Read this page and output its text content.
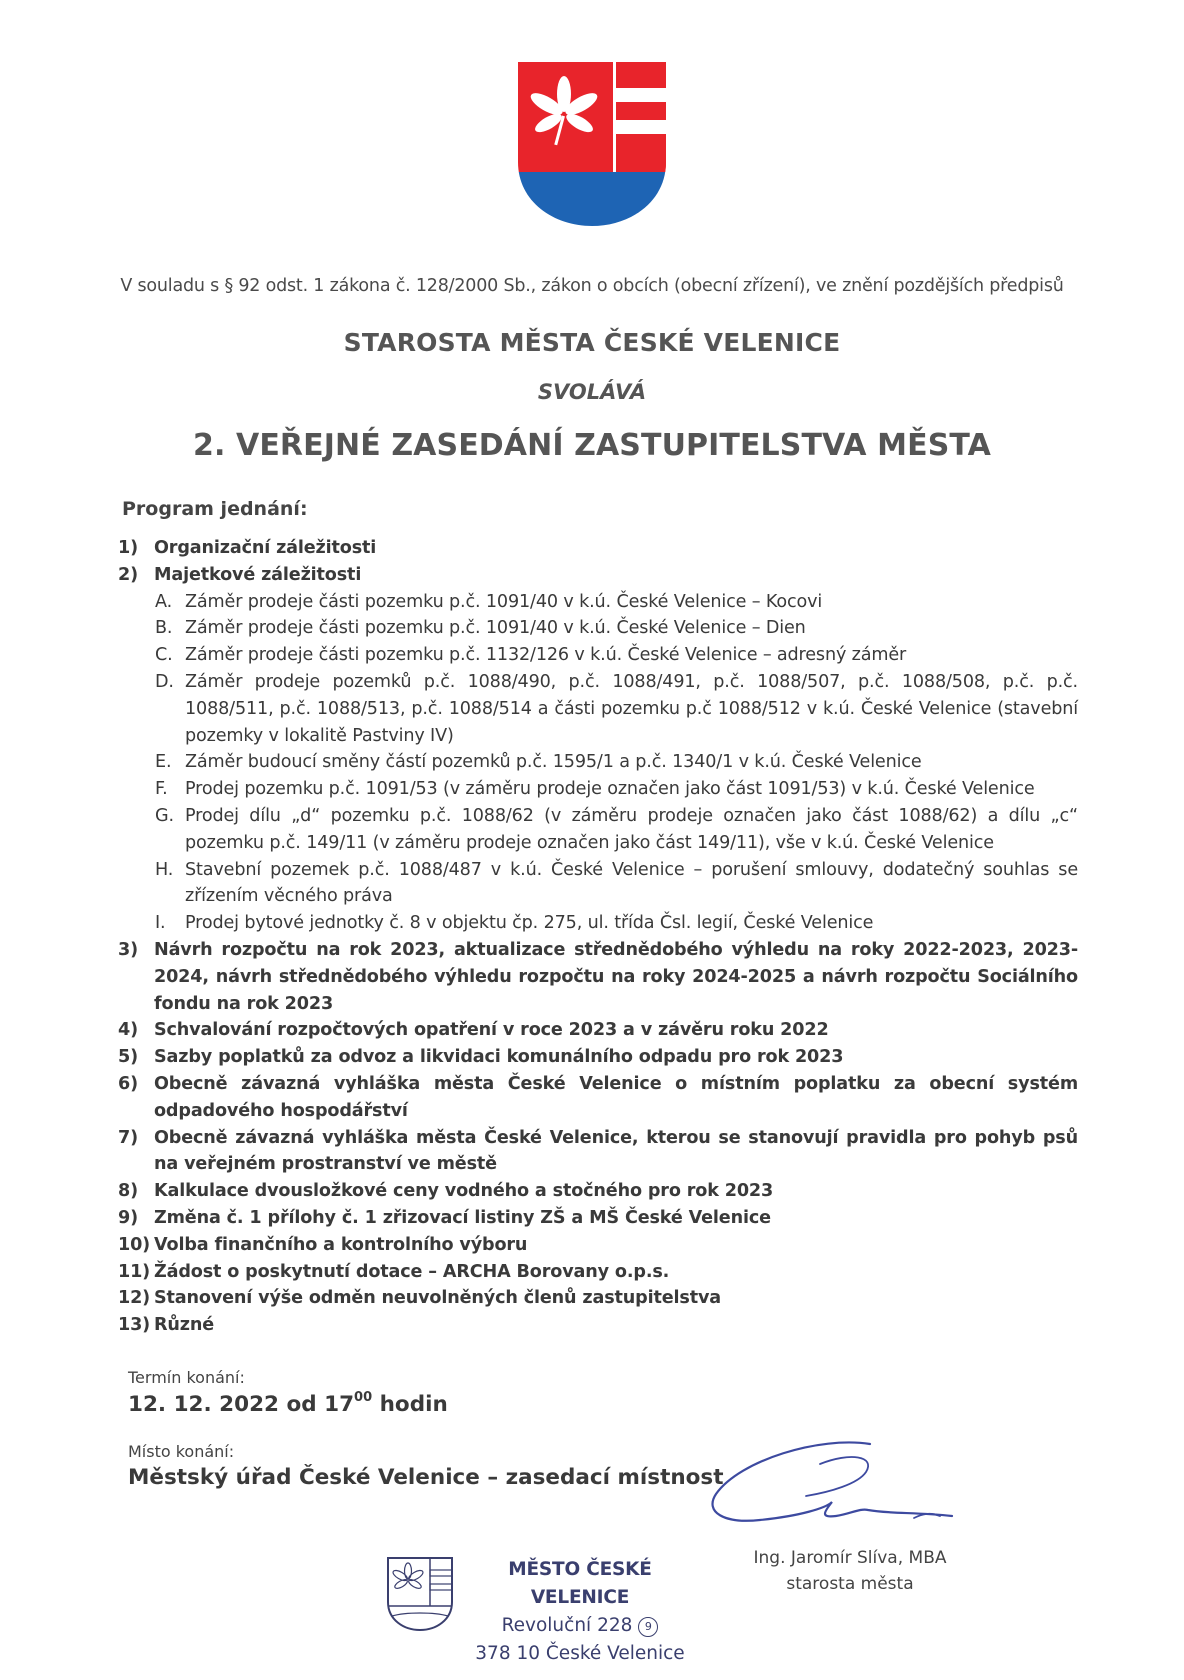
V souladu s § 92 odst. 1 zákona č. 128/2000 Sb., zákon o obcích (obecní zřízení), ve znění pozdějších předpisů
STAROSTA MĚSTA ČESKÉ VELENICE
SVOLÁVÁ
2. VEŘEJNÉ ZASEDÁNÍ ZASTUPITELSTVA MĚSTA
Program jednání:
1) Organizační záležitosti
2) Majetkové záležitosti
A. Záměr prodeje části pozemku p.č. 1091/40 v k.ú. České Velenice – Kocovi
B. Záměr prodeje části pozemku p.č. 1091/40 v k.ú. České Velenice – Dien
C. Záměr prodeje části pozemku p.č. 1132/126 v k.ú. České Velenice – adresný záměr
D. Záměr prodeje pozemků p.č. 1088/490, p.č. 1088/491, p.č. 1088/507, p.č. 1088/508, p.č. p.č. 1088/511, p.č. 1088/513, p.č. 1088/514 a části pozemku p.č 1088/512 v k.ú. České Velenice (stavební pozemky v lokalitě Pastviny IV)
E. Záměr budoucí směny částí pozemků p.č. 1595/1 a p.č. 1340/1 v k.ú. České Velenice
F. Prodej pozemku p.č. 1091/53 (v záměru prodeje označen jako část 1091/53) v k.ú. České Velenice
G. Prodej dílu „d“ pozemku p.č. 1088/62 (v záměru prodeje označen jako část 1088/62) a dílu „c“ pozemku p.č. 149/11 (v záměru prodeje označen jako část 149/11), vše v k.ú. České Velenice
H. Stavební pozemek p.č. 1088/487 v k.ú. České Velenice – porušení smlouvy, dodatečný souhlas se zřízením věcného práva
I.	Prodej bytové jednotky č. 8 v objektu čp. 275, ul. třída Čsl. legií, České Velenice
3) Návrh rozpočtu na rok 2023, aktualizace střednědobého výhledu na roky 2022-2023, 2023-2024, návrh střednědobého výhledu rozpočtu na roky 2024-2025 a návrh rozpočtu Sociálního fondu na rok 2023
4) Schvalování rozpočtových opatření v roce 2023 a v závěru roku 2022
5) Sazby poplatků za odvoz a likvidaci komunálního odpadu pro rok 2023
6) Obecně závazná vyhláška města České Velenice o místním poplatku za obecní systém odpadového hospodářství
7) Obecně závazná vyhláška města České Velenice, kterou se stanovují pravidla pro pohyb psů na veřejném prostranství ve městě
8) Kalkulace dvousložkové ceny vodného a stočného pro rok 2023
9) Změna č. 1 přílohy č. 1 zřizovací listiny ZŠ a MŠ České Velenice
10) Volba finančního a kontrolního výboru
11) Žádost o poskytnutí dotace – ARCHA Borovany o.p.s.
12) Stanovení výše odměn neuvolněných členů zastupitelstva
13) Různé
Termín konání:
12. 12. 2022 od $17^{00}$ hodin
Místo konání:
Městský úřad České Velenice – zasedací místnost
Ing. Jaromír Slíva, MBA
starosta města
MĚSTO ČESKÉ VELENICE
Revoluční 228 9
378 10 České Velenice
